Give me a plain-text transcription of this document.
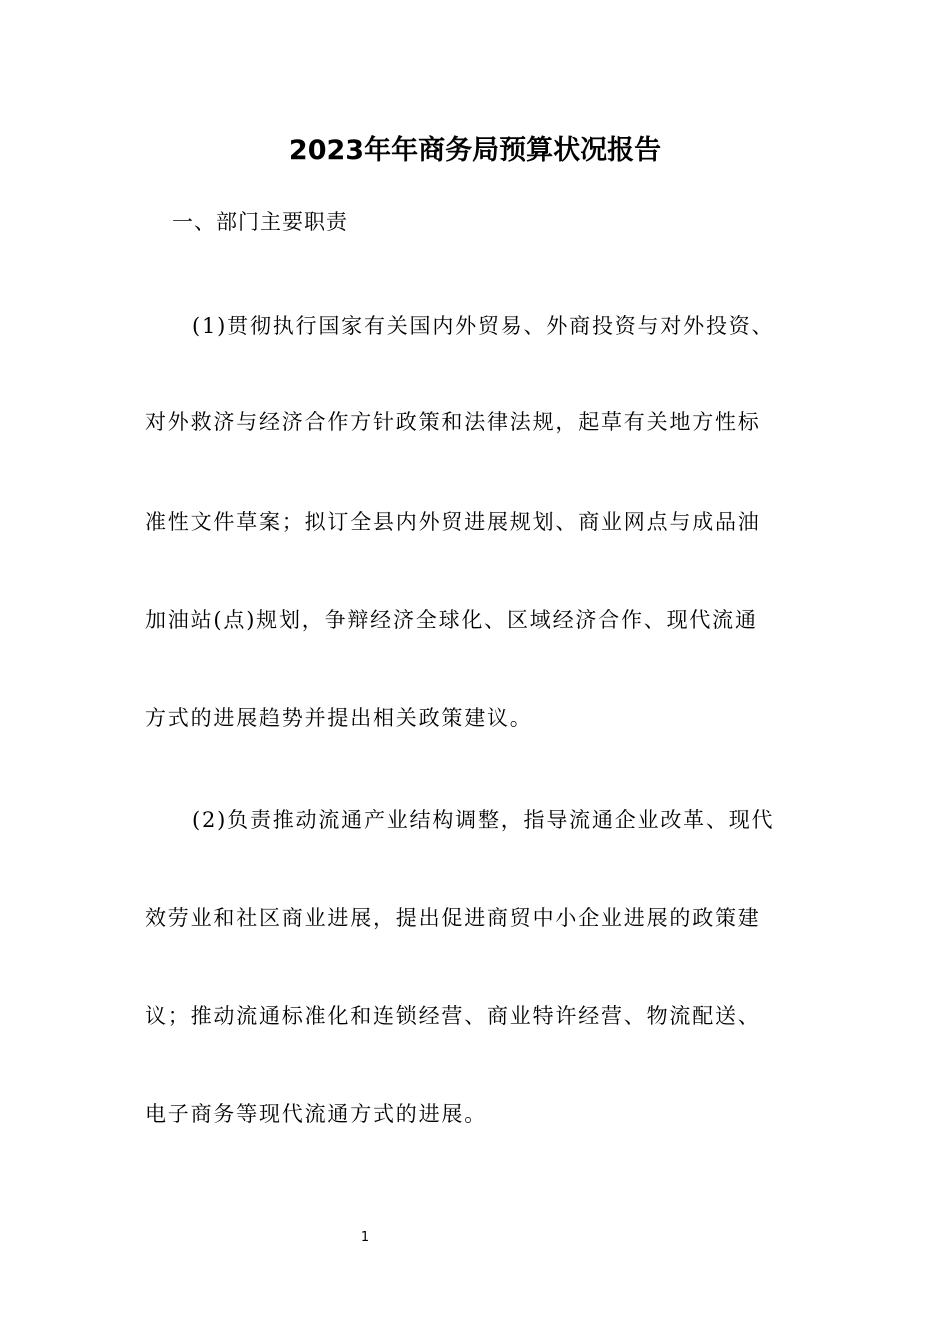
2023年年商务局预算状况报告
一、部门主要职责
(1)贯彻执行国家有关国内外贸易、外商投资与对外投资、
对外救济与经济合作方针政策和法律法规，起草有关地方性标
准性文件草案；拟订全县内外贸进展规划、商业网点与成品油
加油站(点)规划，争辩经济全球化、区域经济合作、现代流通
方式的进展趋势并提出相关政策建议。
(2)负责推动流通产业结构调整，指导流通企业改革、现代
效劳业和社区商业进展，提出促进商贸中小企业进展的政策建
议；推动流通标准化和连锁经营、商业特许经营、物流配送、
电子商务等现代流通方式的进展。
1
